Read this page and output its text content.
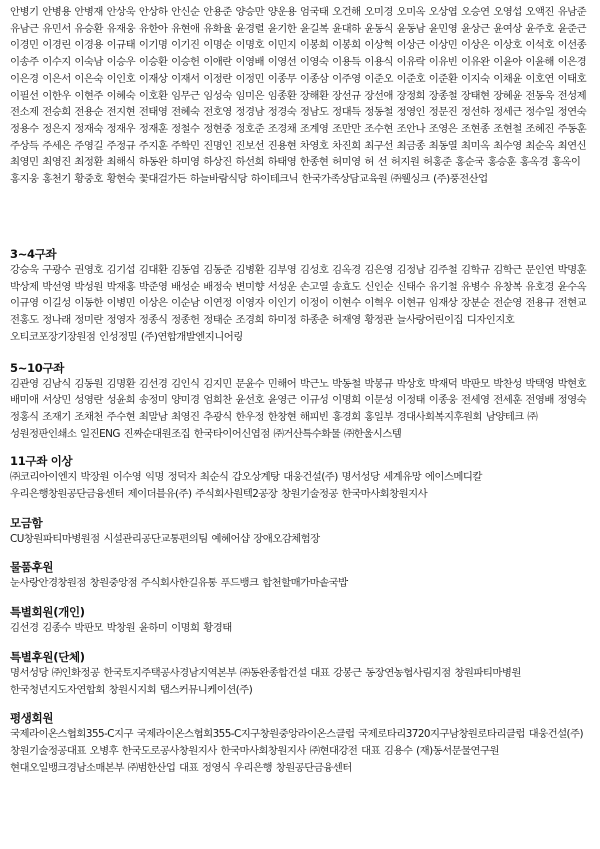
안병기 안병용 안병재 안상욱 안상하 안신순 안용준 양승만 양운용 엄국태 오건해 오미경 오미옥 오상엽 오승연 오영섭 오액진 유남준 유남근 유민서 유승환 유재웅 유한아 유현애 유화율 윤경렬 윤기한 윤길복 윤대하 윤동식 윤동남 윤민영 윤상근 윤여상 윤주호 윤준근 이경민 이경린 이경용 이규태 이기명 이기진 이명순 이명호 이민지 이봉희 이봉희 이상혁 이상근 이상민 이상은 이상호 이석호 이선종 이송주 이수지 이숙남 이승우 이승환 이승헌 이애란 이영배 이영선 이영숙 이용득 이용식 이유락 이유빈 이유완 이윤아 이윤해 이은경 이은경 이은서 이은숙 이인호 이재상 이재서 이정란 이정민 이종무 이종삼 이주영 이준오 이준호 이준환 이지숙 이채윤 이호연 이태호 이필선 이한우 이현주 이혜숙 이호환 임무근 임성숙 임미은 임종환 장해환 장선규 장선애 장정희 장종철 장태현 장혜윤 전동욱 전성제 전소제 전승희 전용순 전지현 전태영 전혜숙 전호영 정경남 정경숙 정남도 정대득 정동철 정영인 정문진 정선하 정세근 정수일 정연숙 정용수 정은지 정재숙 정재우 정재훈 정철수 정현중 정호준 조경채 조계영 조만만 조수현 조안나 조영은 조현종 조현철 조혜진 주동훈 주상득 주세은 주영길 주정규 주지훈 주학민 진명인 진보선 진용현 차영호 차진희 최구선 최금종 최동열 최미옥 최수영 최순옥 최연신 최영민 최영진 최정환 최해식 하동완 하미영 하상진 하선희 하태영 한종현 허미영 허 선 허지원 허홍준 홍순국 홍승훈 홍옥경 홍옥이 홍지웅 홍천기 황중호 황현숙 꽃대걸가든 하늘바람식당 하이테크닉 한국가족상담교육원 ㈜웰싱크 (주)풍전산업

3~4구좌

강승욱 구광수 권영호 김기섭 김대환 김동엽 김동준 김병환 김부영 김성호 김옥경 김은영 김정남 김주철 김학규 김학근 문인연 박명훈 박상제 박선영 박성원 박재홍 박준영 배성순 배정숙 변미향 서성운 손고열 송효도 신인순 신태수 유기철 유병수 유창복 유호경 윤수옥 이규영 이길성 이동한 이병민 이상은 이순남 이연정 이영자 이인기 이정이 이현수 이혁우 이현규 임재상 장분순 전순영 전용규 전현교 전홍도 정나래 정미란 정영자 정종식 정종헌 정태순 조경희 하미정 하종춘 허재영 황정관 늘사랑어린이집 디자인지호 오티코포장기장원점 인성정밀 (주)연합개발엔지니어링

5~10구좌

김관영 김남식 김동원 김명환 김선경 김인식 김지민 문윤수 민해어 박근노 박동철 박봉규 박상호 박재덕 박판모 박찬성 박택영 박현호 배미애 서상민 성영란 성윤희 송정미 양미경 엄희찬 윤선호 윤영근 이규성 이명희 이문성 이정태 이종웅 전세영 전세훈 전영배 정영숙 정홍식 조재기 조채천 주수현 최말남 최영진 추광식 한우정 한창현 해피빈 홍경희 홍일부 경대사회복지후원회 남양테크 ㈜ 성원정판인쇄소 일진ENG 진짜순대원조집 한국타이어신엽점 ㈜거산특수화물 ㈜한울시스템

11구좌 이상

㈜코리아이엔지 박장원 이수영 익명 정덕자 최순식 갑오상계탕 대웅건설(주) 명서성당 세계유망 에이스메디칼 우리은행창원공단금융센터 제이더블유(주) 주식회사원텍2공장 창원기술정공 한국마사회창원지사

모금함

CU창원파티마병원점 시설관리공단교통편의팀 예혜어샵 장애오감체험장

물품후원

눈사랑안경창원점 창원중앙점 주식회사한길유통 푸드뱅크 합천할매가마솥국밥

특별회원(개인)

김선경 김종수 박판모 박창원 윤하미 이명희 황경태

특별후원(단체)

명서성당 ㈜인화정공 한국토지주택공사경남지역본부 ㈜동완종합건설 대표 강봉근 동장연농협사림지점 창원파티마병원 한국청년지도자연합회 창원시지회 탭스커뮤니케이션(주)

평생회원

국제라이온스협회355-C지구 국제라이온스협회355-C지구창원중앙라이온스클럽 국제로타리3720지구남창원로타리클럽 대웅건설(주) 창원기술정공대표 오병후 한국도로공사창원지사 한국마사회창원지사 ㈜현대강전 대표 김용수 (재)동서문물연구원 현대오일뱅크경남소매본부 ㈜범한산업 대표 정영식 우리은행 창원공단금융센터
